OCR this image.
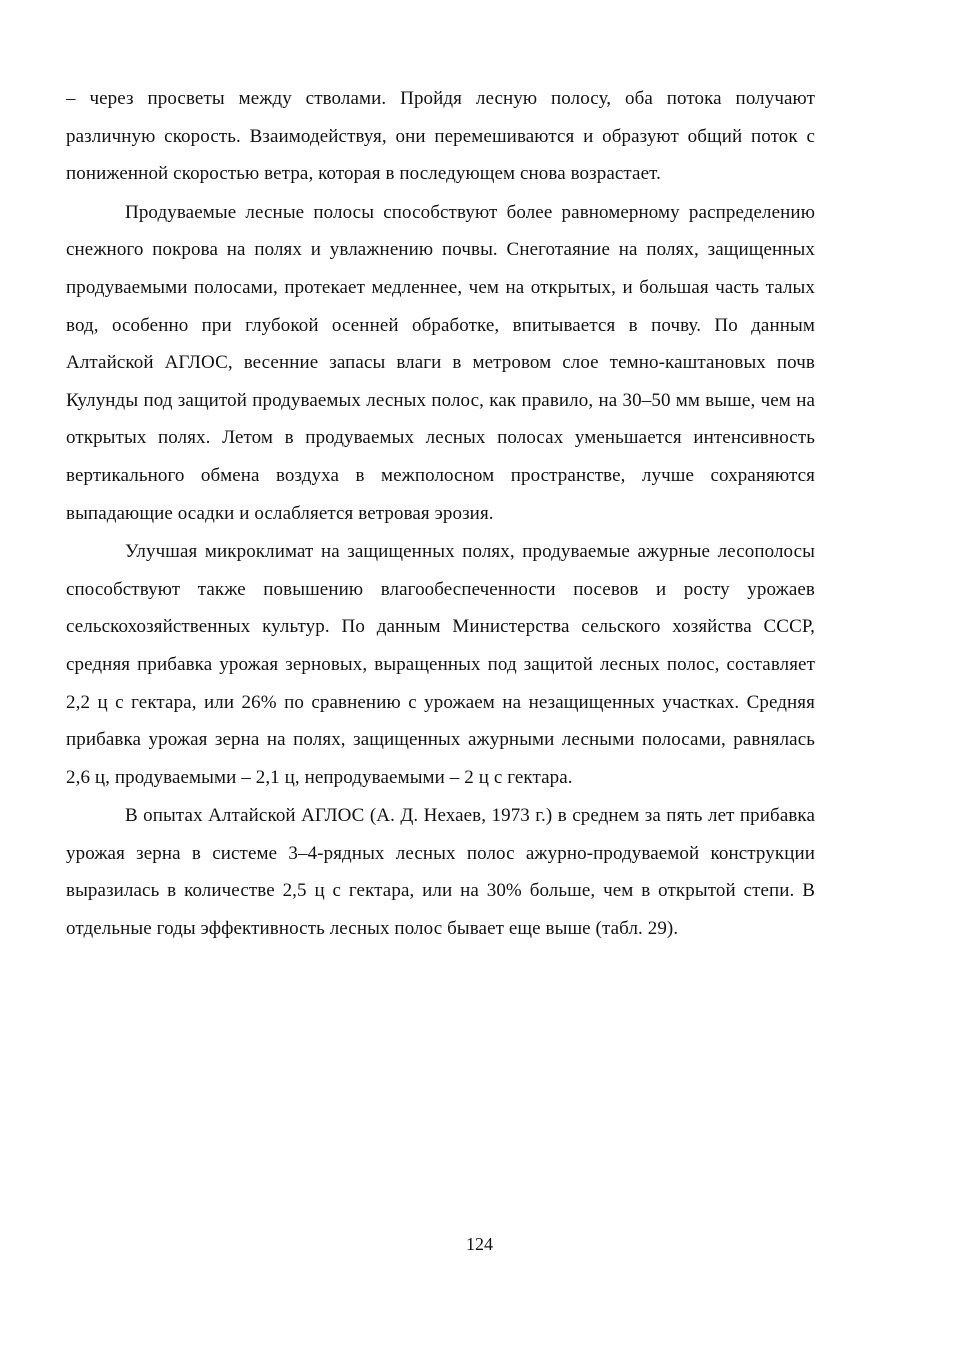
– через просветы между стволами. Пройдя лесную полосу, оба потока получают различную скорость. Взаимодействуя, они перемешиваются и образуют общий поток с пониженной скоростью ветра, которая в последующем снова возрастает.

Продуваемые лесные полосы способствуют более равномерному распределению снежного покрова на полях и увлажнению почвы. Снеготаяние на полях, защищенных продуваемыми полосами, протекает медленнее, чем на открытых, и большая часть талых вод, особенно при глубокой осенней обработке, впитывается в почву. По данным Алтайской АГЛОС, весенние запасы влаги в метровом слое темно-каштановых почв Кулунды под защитой продуваемых лесных полос, как правило, на 30–50 мм выше, чем на открытых полях. Летом в продуваемых лесных полосах уменьшается интенсивность вертикального обмена воздуха в межполосном пространстве, лучше сохраняются выпадающие осадки и ослабляется ветровая эрозия.

Улучшая микроклимат на защищенных полях, продуваемые ажурные лесополосы способствуют также повышению влагообеспеченности посевов и росту урожаев сельскохозяйственных культур. По данным Министерства сельского хозяйства СССР, средняя прибавка урожая зерновых, выращенных под защитой лесных полос, составляет 2,2 ц с гектара, или 26% по сравнению с урожаем на незащищенных участках. Средняя прибавка урожая зерна на полях, защищенных ажурными лесными полосами, равнялась 2,6 ц, продуваемыми – 2,1 ц, непродуваемыми – 2 ц с гектара.

В опытах Алтайской АГЛОС (А. Д. Нехаев, 1973 г.) в среднем за пять лет прибавка урожая зерна в системе 3–4-рядных лесных полос ажурно-продуваемой конструкции выразилась в количестве 2,5 ц с гектара, или на 30% больше, чем в открытой степи. В отдельные годы эффективность лесных полос бывает еще выше (табл. 29).

124
